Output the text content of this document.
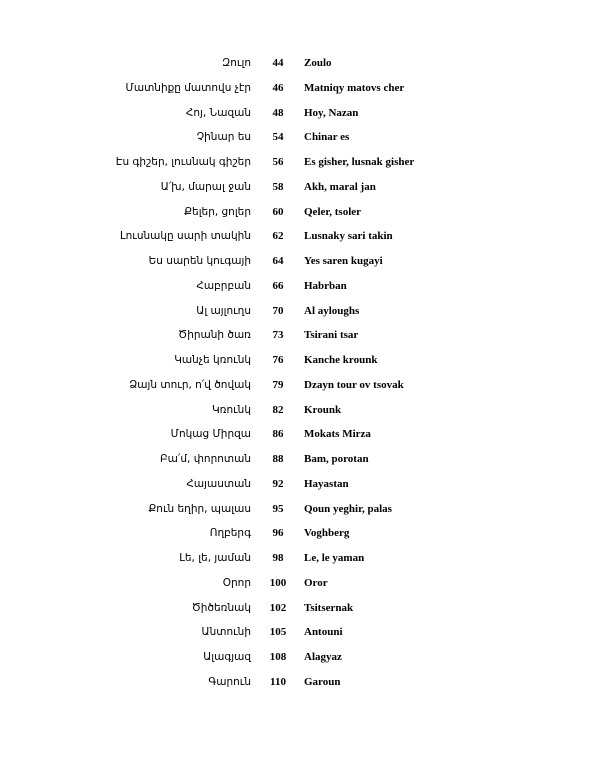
Զուլո	44	Zoulo
Մատնիքը մատովս չէր	46	Matniqy matovs cher
Հոյ, Նազան	48	Hoy, Nazan
Չինար ես	54	Chinar es
Էս գիշեր, լուսնակ գիշեր	56	Es gisher, lusnak gisher
Ա՛խ, մարալ ջան	58	Akh, maral jan
Քելեր, ցոլեր	60	Qeler, tsoler
Լուսնակը սարի տակին	62	Lusnaky sari takin
Ես սարեն կուգայի	64	Yes saren kugayi
Հաբրբան	66	Habrban
Ալ այլուղս	70	Al ayloughs
Ծիրանի ծառ	73	Tsirani tsar
Կանչե կռունկ	76	Kanche krounk
Ձայն տուր, ո՛վ ծովակ	79	Dzayn tour ov tsovak
Կռունկ	82	Krounk
Մոկաց Միրզա	86	Mokats Mirza
Բա՛մ, փորոտան	88	Bam, porotan
Հայաստան	92	Hayastan
Քուն եղիր, պալաս	95	Qoun yeghir, palas
Ողբերգ	96	Voghberg
Լե, լե, յաման	98	Le, le yaman
Օրոր	100	Oror
Ծիծեռնակ	102	Tsitsernak
Անտունի	105	Antouni
Ալագյազ	108	Alagyaz
Գարուն	110	Garoun
